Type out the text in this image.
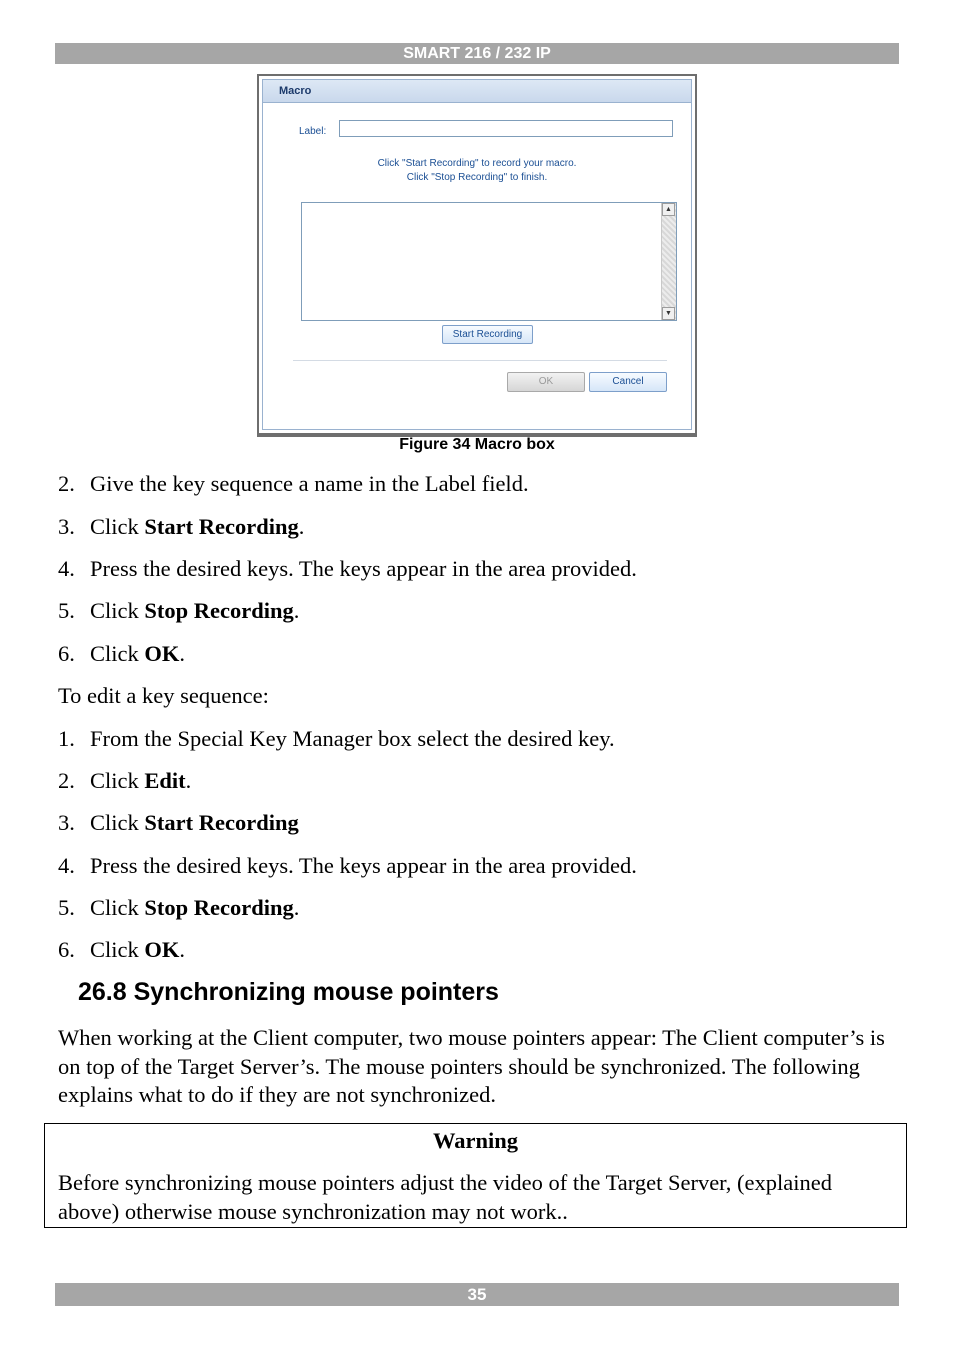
SMART 216 / 232 IP
Macro
Label:
Click "Start Recording" to record your macro.
Click "Stop Recording" to finish.
▲
▼
Start Recording
OK	Cancel
Figure 34 Macro box
2. Give the key sequence a name in the Label field.
3. Click Start Recording.
4. Press the desired keys. The keys appear in the area provided.
5. Click Stop Recording.
6. Click OK.
To edit a key sequence:
1. From the Special Key Manager box select the desired key.
2. Click Edit.
3. Click Start Recording
4. Press the desired keys. The keys appear in the area provided.
5. Click Stop Recording.
6. Click OK.
26.8 Synchronizing mouse pointers
When working at the Client computer, two mouse pointers appear: The Client computer’s is on top of the Target Server’s. The mouse pointers should be synchronized. The following explains what to do if they are not synchronized.
Warning
Before synchronizing mouse pointers adjust the video of the Target Server, (explained above) otherwise mouse synchronization may not work..
35
